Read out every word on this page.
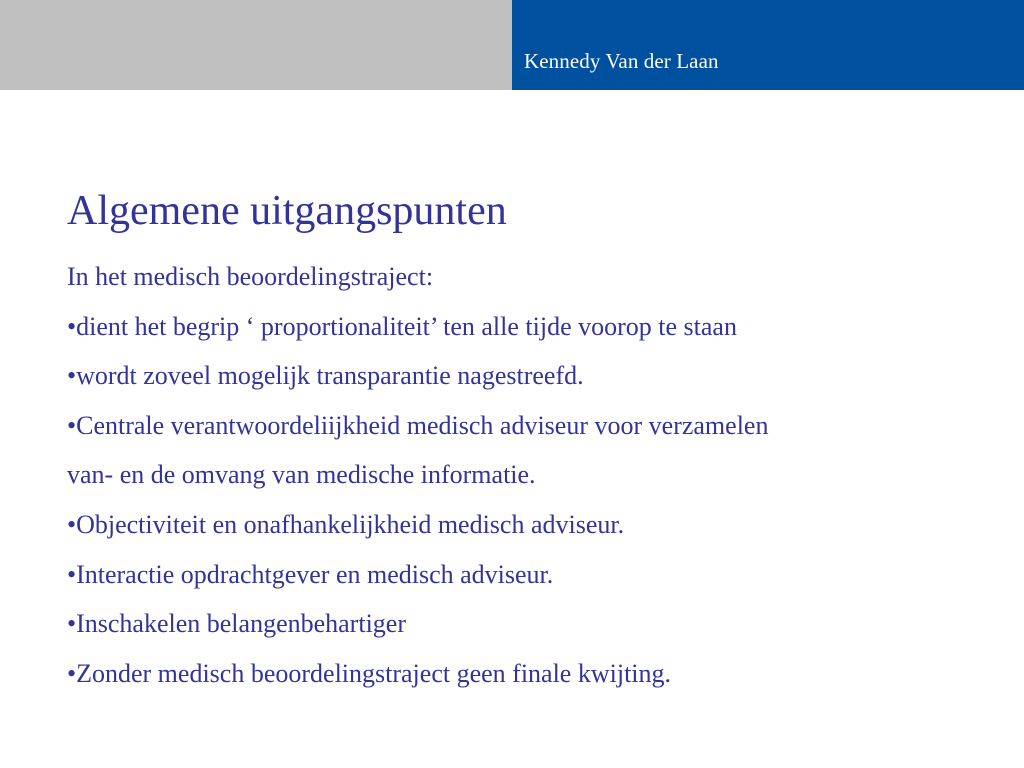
Kennedy Van der Laan
Algemene uitgangspunten
In het medisch beoordelingstraject:
•dient het begrip ‘ proportionaliteit’ ten alle tijde voorop te staan
•wordt zoveel mogelijk transparantie nagestreefd.
•Centrale verantwoordeliijkheid medisch adviseur voor verzamelen
van- en de omvang van medische informatie.
•Objectiviteit en onafhankelijkheid medisch adviseur.
•Interactie opdrachtgever en medisch adviseur.
•Inschakelen belangenbehartiger
•Zonder medisch beoordelingstraject geen finale kwijting.
